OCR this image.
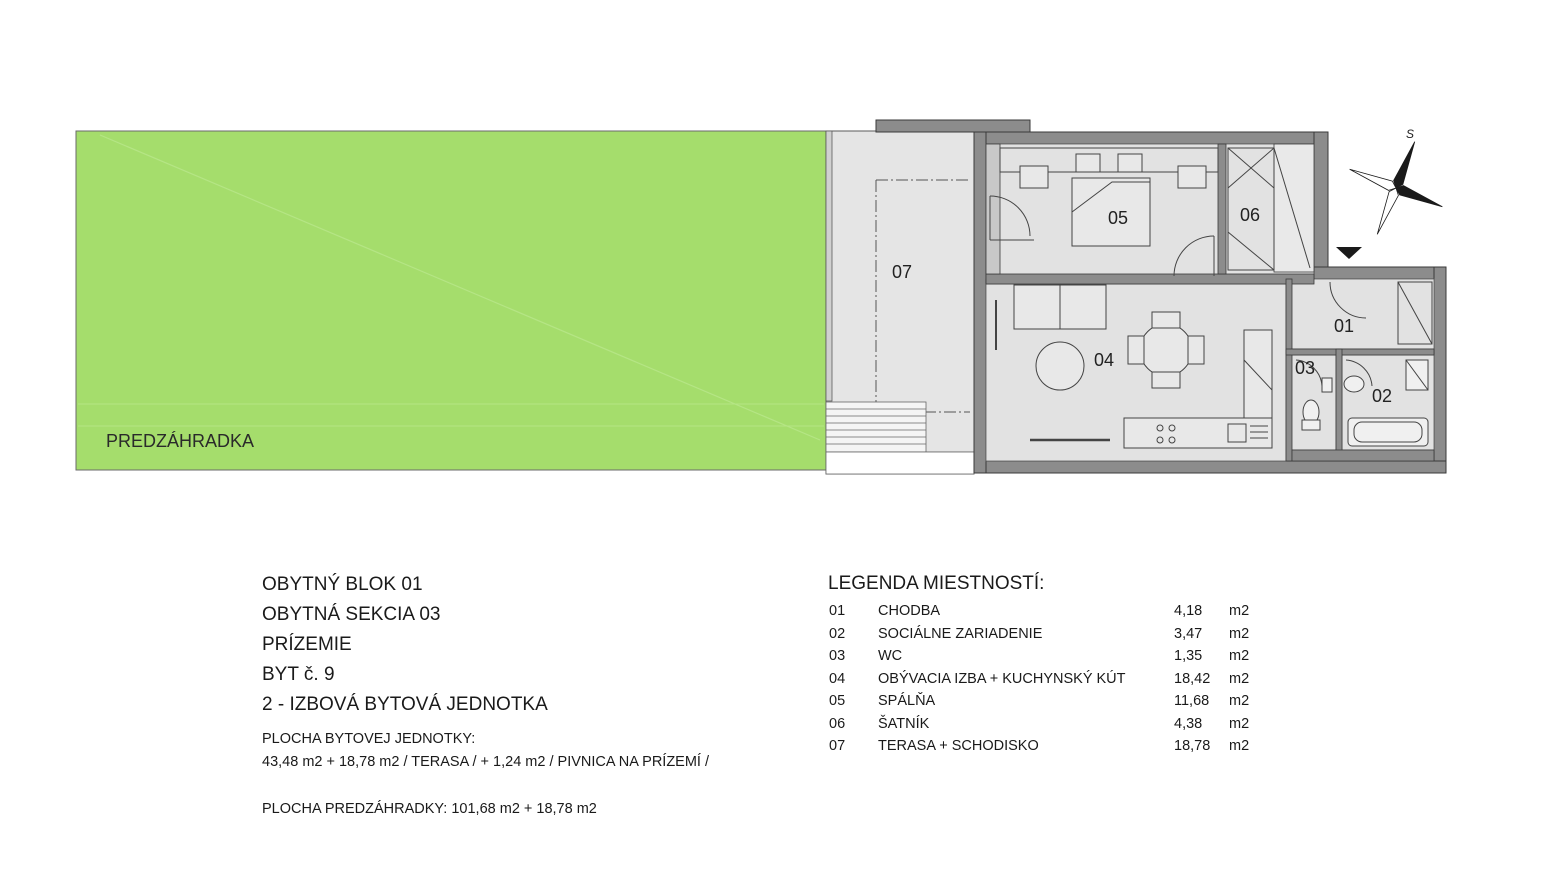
PREDZÁHRADKA
S
07
05	06
04
01
03
02

OBYTNÝ BLOK 01

OBYTNÁ SEKCIA 03

PRÍZEMIE

BYT č. 9

2 - IZBOVÁ BYTOVÁ JEDNOTKA

PLOCHA BYTOVEJ JEDNOTKY:

43,48 m2 + 18,78 m2 / TERASA / + 1,24 m2 / PIVNICA NA PRÍZEMÍ /

PLOCHA PREDZÁHRADKY: 101,68 m2 + 18,78 m2

LEGENDA MIESTNOSTÍ:

01 CHODBA	4,18 m2
02 SOCIÁLNE ZARIADENIE	3,47 m2
03 WC	1,35 m2
04 OBÝVACIA IZBA + KUCHYNSKÝ KÚT	18,42 m2
05 SPÁLŇA	11,68 m2
06 ŠATNÍK	4,38 m2
07 TERASA + SCHODISKO	18,78 m2
